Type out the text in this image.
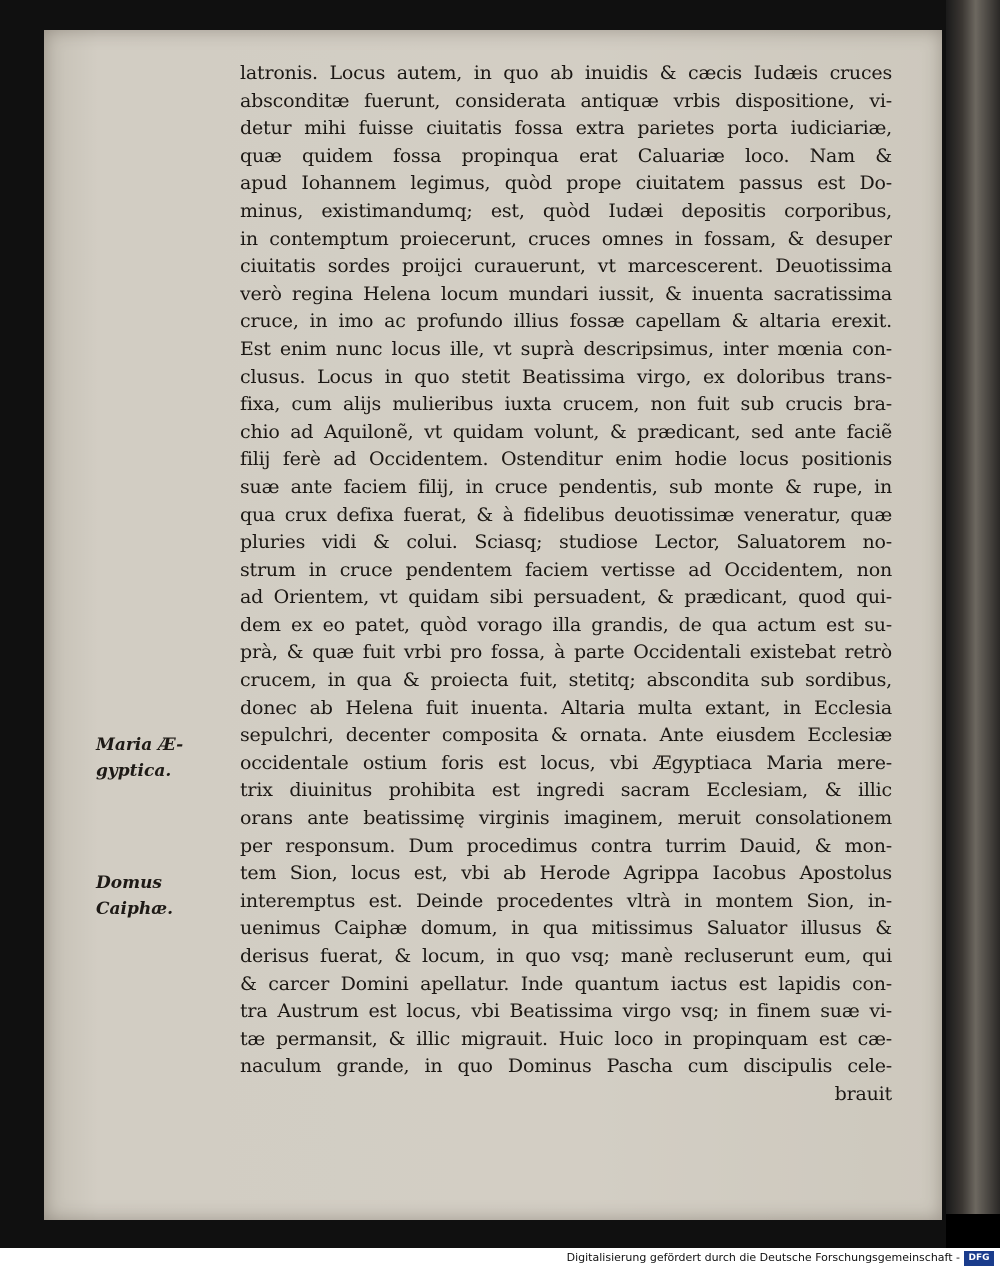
latronis. Locus autem, in quo ab inuidis & cæcis Iudæis cruces
absconditæ fuerunt, considerata antiquæ vrbis dispositione, vi-
detur mihi fuisse ciuitatis fossa extra parietes porta iudiciariæ,
quæ quidem fossa propinqua erat Caluariæ loco. Nam &
apud Iohannem legimus, quòd prope ciuitatem passus est Do-
minus, existimandumq; est, quòd Iudæi depositis corporibus,
in contemptum proiecerunt, cruces omnes in fossam, & desuper
ciuitatis sordes proijci curauerunt, vt marcescerent. Deuotissima
verò regina Helena locum mundari iussit, & inuenta sacratissima
cruce, in imo ac profundo illius fossæ capellam & altaria erexit.
Est enim nunc locus ille, vt suprà descripsimus, inter mœnia con-
clusus. Locus in quo stetit Beatissima virgo, ex doloribus trans-
fixa, cum alijs mulieribus iuxta crucem, non fuit sub crucis bra-
chio ad Aquilonẽ, vt quidam volunt, & prædicant, sed ante faciẽ
filij ferè ad Occidentem. Ostenditur enim hodie locus positionis
suæ ante faciem filij, in cruce pendentis, sub monte & rupe, in
qua crux defixa fuerat, & à fidelibus deuotissimæ veneratur, quæ
pluries vidi & colui. Sciasq; studiose Lector, Saluatorem no-
strum in cruce pendentem faciem vertisse ad Occidentem, non
ad Orientem, vt quidam sibi persuadent, & prædicant, quod qui-
dem ex eo patet, quòd vorago illa grandis, de qua actum est su-
prà, & quæ fuit vrbi pro fossa, à parte Occidentali existebat retrò
crucem, in qua & proiecta fuit, stetitq; abscondita sub sordibus,
donec ab Helena fuit inuenta. Altaria multa extant, in Ecclesia
sepulchri, decenter composita & ornata. Ante eiusdem Ecclesiæ
occidentale ostium foris est locus, vbi Ægyptiaca Maria mere-
trix diuinitus prohibita est ingredi sacram Ecclesiam, & illic
orans ante beatissimę virginis imaginem, meruit consolationem
per responsum. Dum procedimus contra turrim Dauid, & mon-
tem Sion, locus est, vbi ab Herode Agrippa Iacobus Apostolus
interemptus est. Deinde procedentes vltrà in montem Sion, in-
uenimus Caiphæ domum, in qua mitissimus Saluator illusus &
derisus fuerat, & locum, in quo vsq; manè recluserunt eum, qui
& carcer Domini apellatur. Inde quantum iactus est lapidis con-
tra Austrum est locus, vbi Beatissima virgo vsq; in finem suæ vi-
tæ permansit, & illic migrauit. Huic loco in propinquam est cæ-
naculum grande, in quo Dominus Pascha cum discipulis cele-
brauit
Maria Æ-
gyptica.
Domus
Caiphæ.
Digitalisierung gefördert durch die Deutsche Forschungsgemeinschaft - DFG
